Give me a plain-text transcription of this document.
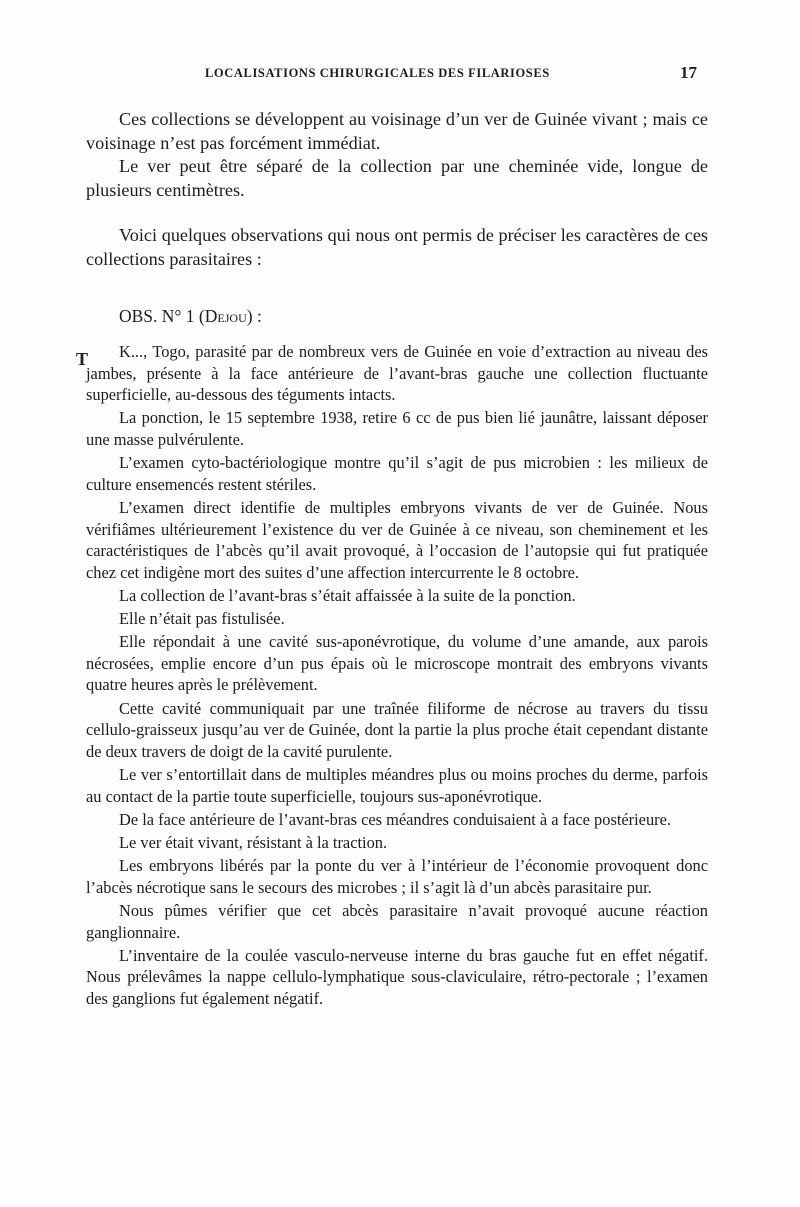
LOCALISATIONS CHIRURGICALES DES FILARIOSES	17

Ces collections se développent au voisinage d’un ver de Guinée vivant ; mais ce voisinage n’est pas forcément immédiat.

Le ver peut être séparé de la collection par une cheminée vide, longue de plusieurs centimètres.

Voici quelques observations qui nous ont permis de préciser les caractères de ces collections parasitaires :

OBS. N° 1 (Dejou) :
T	K..., Togo, parasité par de nombreux vers de Guinée en voie d’extraction au niveau des jambes, présente à la face antérieure de l’avant-bras gauche une collection fluctuante superficielle, au-dessous des téguments intacts.

La ponction, le 15 septembre 1938, retire 6 cc de pus bien lié jaunâtre, laissant déposer une masse pulvérulente.

L’examen cyto-bactériologique montre qu’il s’agit de pus microbien : les milieux de culture ensemencés restent stériles.

L’examen direct identifie de multiples embryons vivants de ver de Guinée. Nous vérifiâmes ultérieurement l’existence du ver de Guinée à ce niveau, son cheminement et les caractéristiques de l’abcès qu’il avait provoqué, à l’occasion de l’autopsie qui fut pratiquée chez cet indigène mort des suites d’une affection intercurrente le 8 octobre.

La collection de l’avant-bras s’était affaissée à la suite de la ponction.

Elle n’était pas fistulisée.

Elle répondait à une cavité sus-aponévrotique, du volume d’une amande, aux parois nécrosées, emplie encore d’un pus épais où le microscope montrait des embryons vivants quatre heures après le prélèvement.

Cette cavité communiquait par une traînée filiforme de nécrose au travers du tissu cellulo-graisseux jusqu’au ver de Guinée, dont la partie la plus proche était cependant distante de deux travers de doigt de la cavité purulente.

Le ver s’entortillait dans de multiples méandres plus ou moins proches du derme, parfois au contact de la partie toute superficielle, toujours sus-aponévrotique.

De la face antérieure de l’avant-bras ces méandres conduisaient à a face postérieure.

Le ver était vivant, résistant à la traction.

Les embryons libérés par la ponte du ver à l’intérieur de l’économie provoquent donc l’abcès nécrotique sans le secours des microbes ; il s’agit là d’un abcès parasitaire pur.

Nous pûmes vérifier que cet abcès parasitaire n’avait provoqué aucune réaction ganglionnaire.

L’inventaire de la coulée vasculo-nerveuse interne du bras gauche fut en effet négatif. Nous prélevâmes la nappe cellulo-lymphatique sous-claviculaire, rétro-pectorale ; l’examen des ganglions fut également négatif.
